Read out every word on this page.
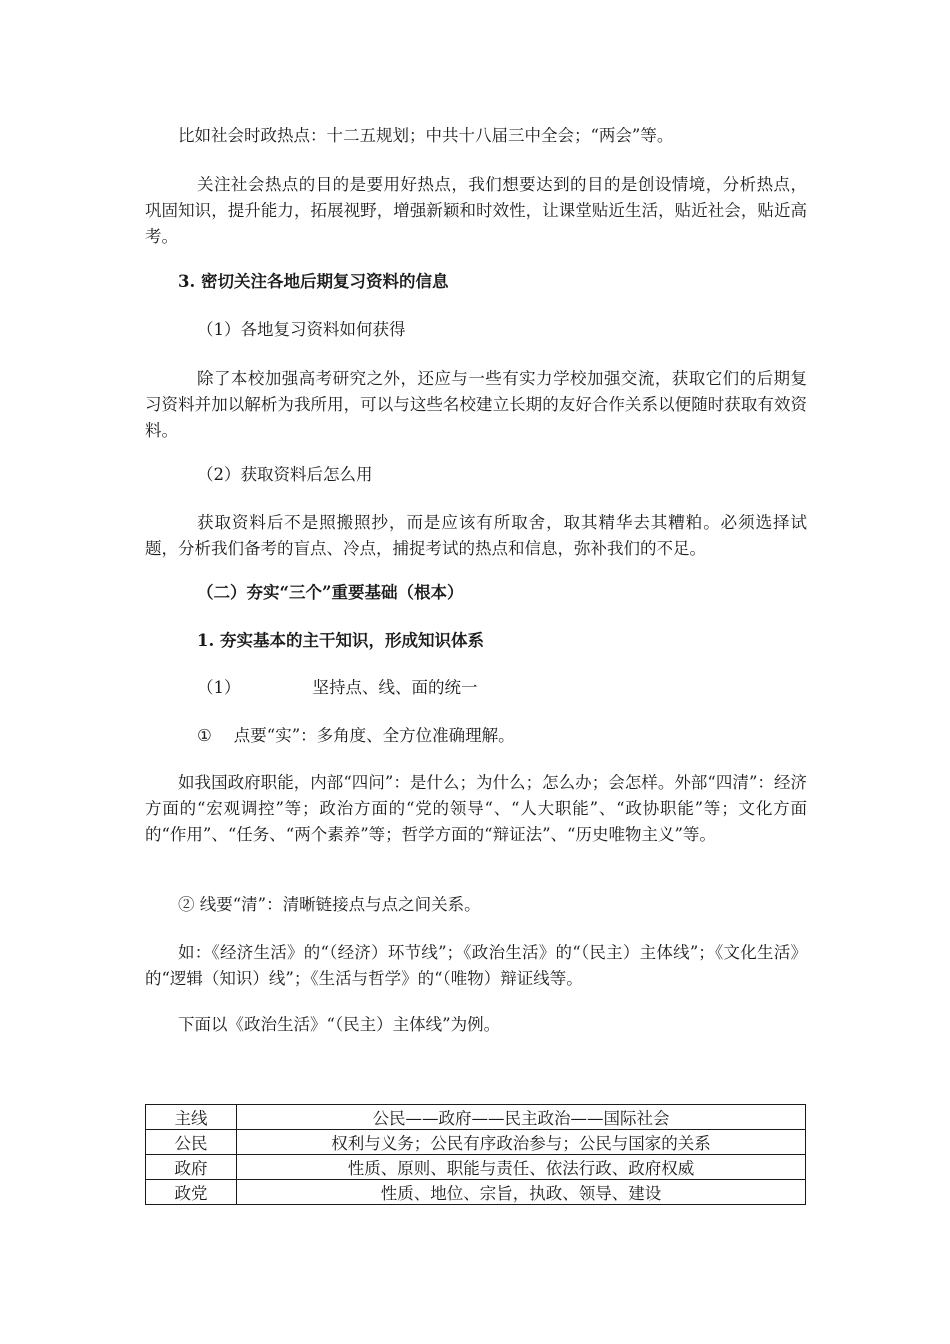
比如社会时政热点：十二五规划；中共十八届三中全会；“两会”等。

关注社会热点的目的是要用好热点，我们想要达到的目的是创设情境，分析热点，巩固知识，提升能力，拓展视野，增强新颖和时效性，让课堂贴近生活，贴近社会，贴近高考。

3. 密切关注各地后期复习资料的信息

（1）各地复习资料如何获得

除了本校加强高考研究之外，还应与一些有实力学校加强交流，获取它们的后期复习资料并加以解析为我所用，可以与这些名校建立长期的友好合作关系以便随时获取有效资料。

（2）获取资料后怎么用

获取资料后不是照搬照抄，而是应该有所取舍，取其精华去其糟粕。必须选择试题，分析我们备考的盲点、冷点，捕捉考试的热点和信息，弥补我们的不足。

（二）夯实“三个”重要基础（根本）

1. 夯实基本的主干知识，形成知识体系

（1）	坚持点、线、面的统一

① 点要“实”：多角度、全方位准确理解。

如我国政府职能，内部“四问”：是什么；为什么；怎么办；会怎样。外部“四清”：经济方面的“宏观调控”等；政治方面的“党的领导“、“人大职能”、“政协职能”等；文化方面的“作用”、“任务、“两个素养”等；哲学方面的“辩证法”、“历史唯物主义”等。

② 线要“清”：清晰链接点与点之间关系。

如：《经济生活》的“（经济）环节线”；《政治生活》的“（民主）主体线”；《文化生活》的“逻辑（知识）线”；《生活与哲学》的“（唯物）辩证线等。

下面以《政治生活》“（民主）主体线”为例。

主线	公民——政府——民主政治——国际社会
公民	权利与义务；公民有序政治参与；公民与国家的关系
政府	性质、原则、职能与责任、依法行政、政府权威
政党	性质、地位、宗旨，执政、领导、建设
